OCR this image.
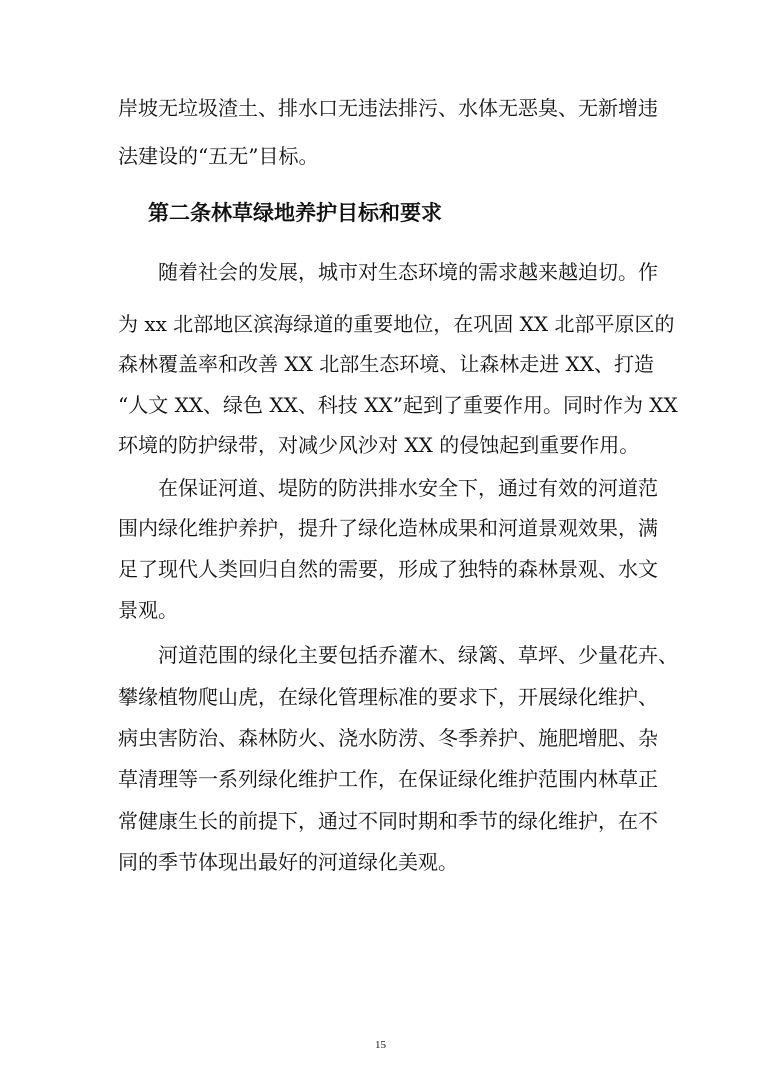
岸坡无垃圾渣土、排水口无违法排污、水体无恶臭、无新增违
法建设的“五无”目标。
第二条林草绿地养护目标和要求
随着社会的发展，城市对生态环境的需求越来越迫切。作
为 xx 北部地区滨海绿道的重要地位，在巩固 XX 北部平原区的
森林覆盖率和改善 XX 北部生态环境、让森林走进 XX、打造
“人文 XX、绿色 XX、科技 XX”起到了重要作用。同时作为 XX
环境的防护绿带，对减少风沙对 XX 的侵蚀起到重要作用。
在保证河道、堤防的防洪排水安全下，通过有效的河道范
围内绿化维护养护，提升了绿化造林成果和河道景观效果，满
足了现代人类回归自然的需要，形成了独特的森林景观、水文
景观。
河道范围的绿化主要包括乔灌木、绿篱、草坪、少量花卉、
攀缘植物爬山虎，在绿化管理标准的要求下，开展绿化维护、
病虫害防治、森林防火、浇水防涝、冬季养护、施肥增肥、杂
草清理等一系列绿化维护工作，在保证绿化维护范围内林草正
常健康生长的前提下，通过不同时期和季节的绿化维护，在不
同的季节体现出最好的河道绿化美观。
15
